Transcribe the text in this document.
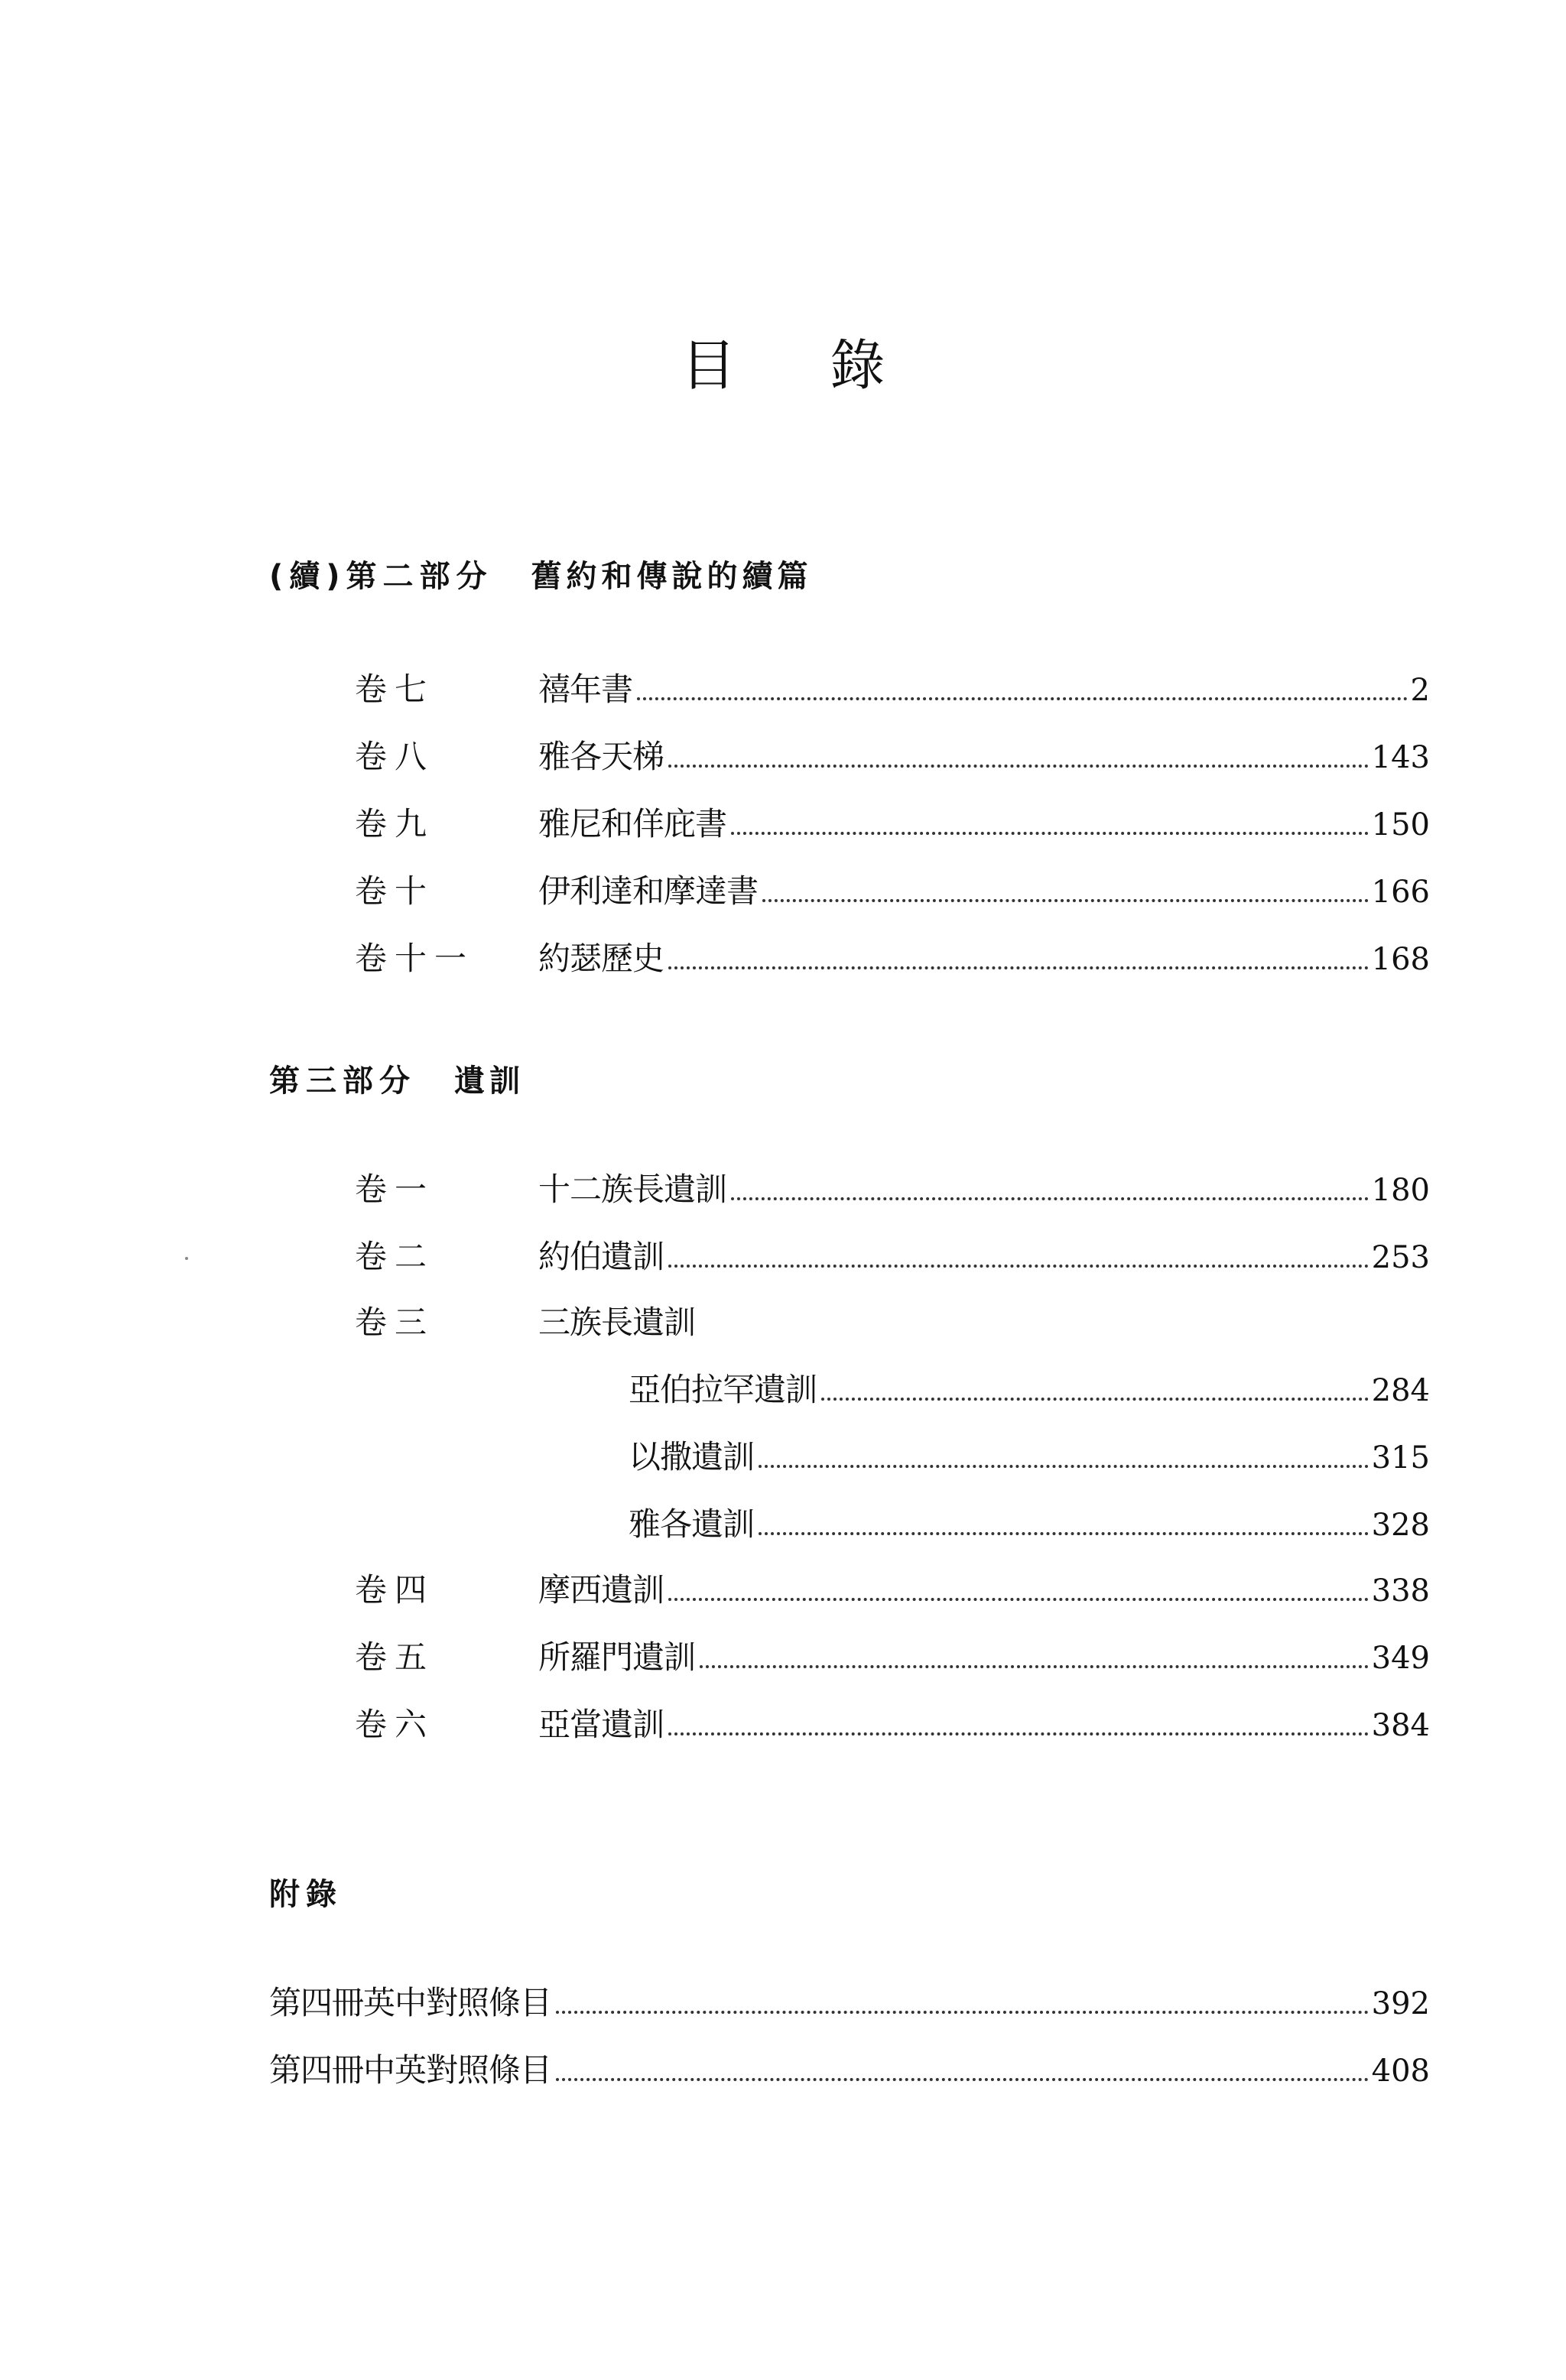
目 錄
(續)第二部分 舊約和傳說的續篇
卷七	禧年書	2
卷八	雅各天梯	143
卷九	雅尼和佯庇書	150
卷十	伊利達和摩達書	166
卷十一 約瑟歷史	168
第三部分 遺訓
卷一	十二族長遺訓	180
卷二	約伯遺訓	253
卷三	三族長遺訓
亞伯拉罕遺訓	284
以撒遺訓	315
雅各遺訓	328
卷四	摩西遺訓	338
卷五	所羅門遺訓	349
卷六	亞當遺訓	384
附錄
第四冊英中對照條目	392
第四冊中英對照條目	408
